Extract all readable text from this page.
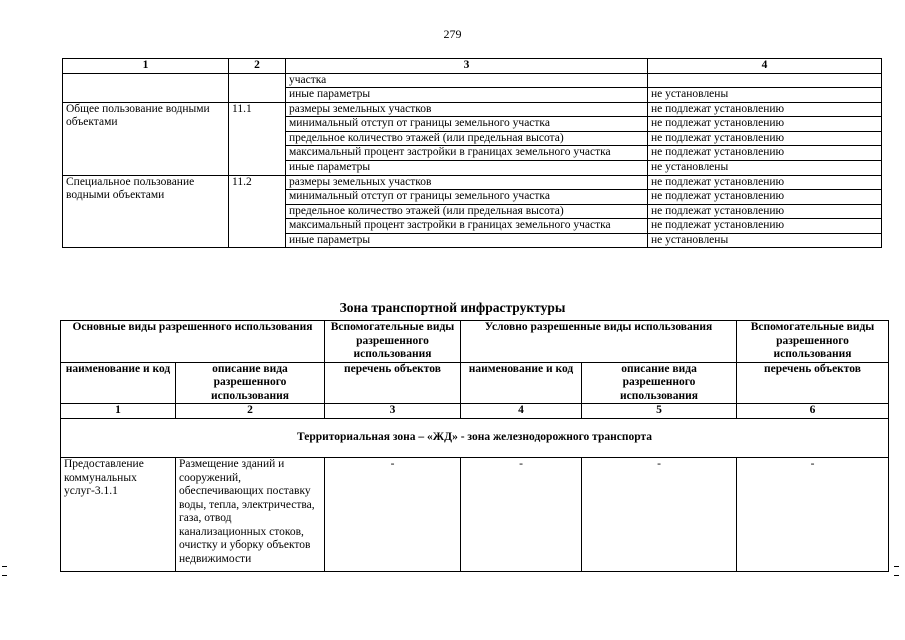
279
1	2	3	4
		участка	
		иные параметры	не установлены
Общее пользование водными объектами	11.1	размеры земельных участков	не подлежат установлению
		минимальный отступ от границы земельного участка	не подлежат установлению
		предельное количество этажей (или предельная высота)	не подлежат установлению
		максимальный процент застройки в границах земельного участка	не подлежат установлению
		иные параметры	не установлены
Специальное пользование водными объектами	11.2	размеры земельных участков	не подлежат установлению
		минимальный отступ от границы земельного участка	не подлежат установлению
		предельное количество этажей (или предельная высота)	не подлежат установлению
		максимальный процент застройки в границах земельного участка	не подлежат установлению
		иные параметры	не установлены
Зона транспортной инфраструктуры
Основные виды разрешенного использования		Вспомогательные виды разрешенного использования	Условно разрешенные виды использования		Вспомогательные виды разрешенного использования
наименование и код	описание вида разрешенного использования	перечень объектов	наименование и код	описание вида разрешенного использования	перечень объектов
1	2	3	4	5	6
Территориальная зона – «ЖД» - зона железнодорожного транспорта					
Предоставление коммунальных услуг-3.1.1	Размещение зданий и сооружений, обеспечивающих поставку воды, тепла, электричества, газа, отвод канализационных стоков, очистку и уборку объектов недвижимости	-	-	-	-
